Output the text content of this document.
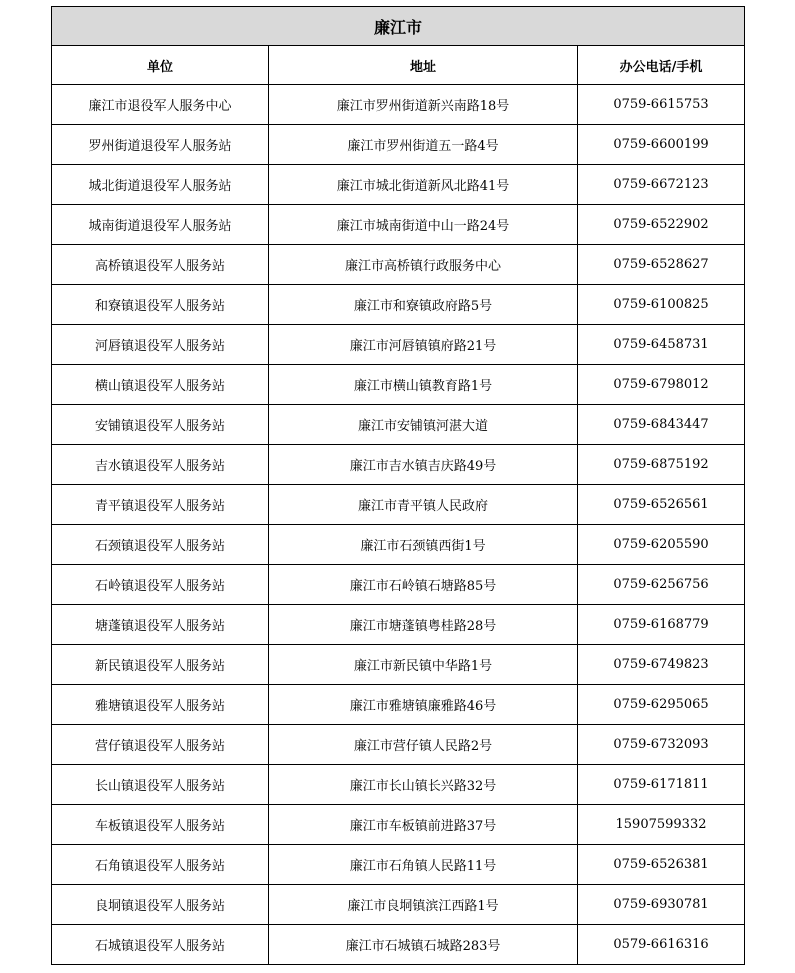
廉江市		
单位	地址	办公电话/手机
廉江市退役军人服务中心	廉江市罗州街道新兴南路18号	0759-6615753
罗州街道退役军人服务站	廉江市罗州街道五一路4号	0759-6600199
城北街道退役军人服务站	廉江市城北街道新风北路41号	0759-6672123
城南街道退役军人服务站	廉江市城南街道中山一路24号	0759-6522902
高桥镇退役军人服务站	廉江市高桥镇行政服务中心	0759-6528627
和寮镇退役军人服务站	廉江市和寮镇政府路5号	0759-6100825
河唇镇退役军人服务站	廉江市河唇镇镇府路21号	0759-6458731
横山镇退役军人服务站	廉江市横山镇教育路1号	0759-6798012
安铺镇退役军人服务站	廉江市安铺镇河湛大道	0759-6843447
吉水镇退役军人服务站	廉江市吉水镇吉庆路49号	0759-6875192
青平镇退役军人服务站	廉江市青平镇人民政府	0759-6526561
石颈镇退役军人服务站	廉江市石颈镇西街1号	0759-6205590
石岭镇退役军人服务站	廉江市石岭镇石塘路85号	0759-6256756
塘蓬镇退役军人服务站	廉江市塘蓬镇粤桂路28号	0759-6168779
新民镇退役军人服务站	廉江市新民镇中华路1号	0759-6749823
雅塘镇退役军人服务站	廉江市雅塘镇廉雅路46号	0759-6295065
营仔镇退役军人服务站	廉江市营仔镇人民路2号	0759-6732093
长山镇退役军人服务站	廉江市长山镇长兴路32号	0759-6171811
车板镇退役军人服务站	廉江市车板镇前进路37号	15907599332
石角镇退役军人服务站	廉江市石角镇人民路11号	0759-6526381
良垌镇退役军人服务站	廉江市良垌镇滨江西路1号	0759-6930781
石城镇退役军人服务站	廉江市石城镇石城路283号	0579-6616316
